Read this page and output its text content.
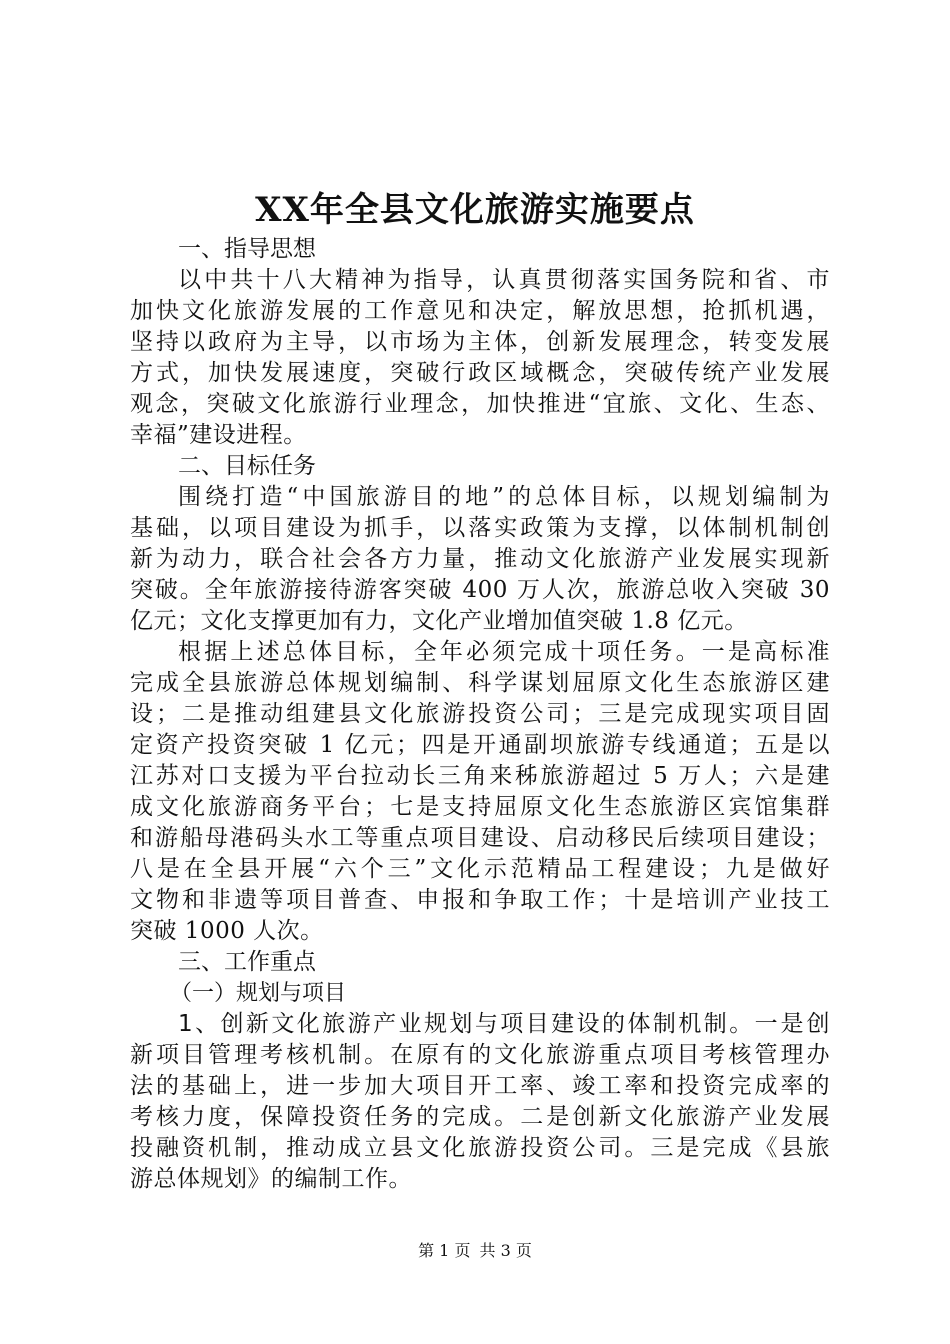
XX年全县文化旅游实施要点
一、指导思想
以中共十八大精神为指导，认真贯彻落实国务院和省、市
加快文化旅游发展的工作意见和决定，解放思想，抢抓机遇，
坚持以政府为主导，以市场为主体，创新发展理念，转变发展
方式，加快发展速度，突破行政区域概念，突破传统产业发展
观念，突破文化旅游行业理念，加快推进“宜旅、文化、生态、
幸福”建设进程。
二、目标任务
围绕打造“中国旅游目的地”的总体目标，以规划编制为
基础，以项目建设为抓手，以落实政策为支撑，以体制机制创
新为动力，联合社会各方力量，推动文化旅游产业发展实现新
突破。全年旅游接待游客突破 400 万人次，旅游总收入突破 30
亿元；文化支撑更加有力，文化产业增加值突破 1.8 亿元。
根据上述总体目标，全年必须完成十项任务。一是高标准
完成全县旅游总体规划编制、科学谋划屈原文化生态旅游区建
设；二是推动组建县文化旅游投资公司；三是完成现实项目固
定资产投资突破 1 亿元；四是开通副坝旅游专线通道；五是以
江苏对口支援为平台拉动长三角来秭旅游超过 5 万人；六是建
成文化旅游商务平台；七是支持屈原文化生态旅游区宾馆集群
和游船母港码头水工等重点项目建设、启动移民后续项目建设；
八是在全县开展“六个三”文化示范精品工程建设；九是做好
文物和非遗等项目普查、申报和争取工作；十是培训产业技工
突破 1000 人次。
三、工作重点
（一）规划与项目
1、创新文化旅游产业规划与项目建设的体制机制。一是创
新项目管理考核机制。在原有的文化旅游重点项目考核管理办
法的基础上，进一步加大项目开工率、竣工率和投资完成率的
考核力度，保障投资任务的完成。二是创新文化旅游产业发展
投融资机制，推动成立县文化旅游投资公司。三是完成《县旅
游总体规划》的编制工作。
第 1 页 共 3 页
